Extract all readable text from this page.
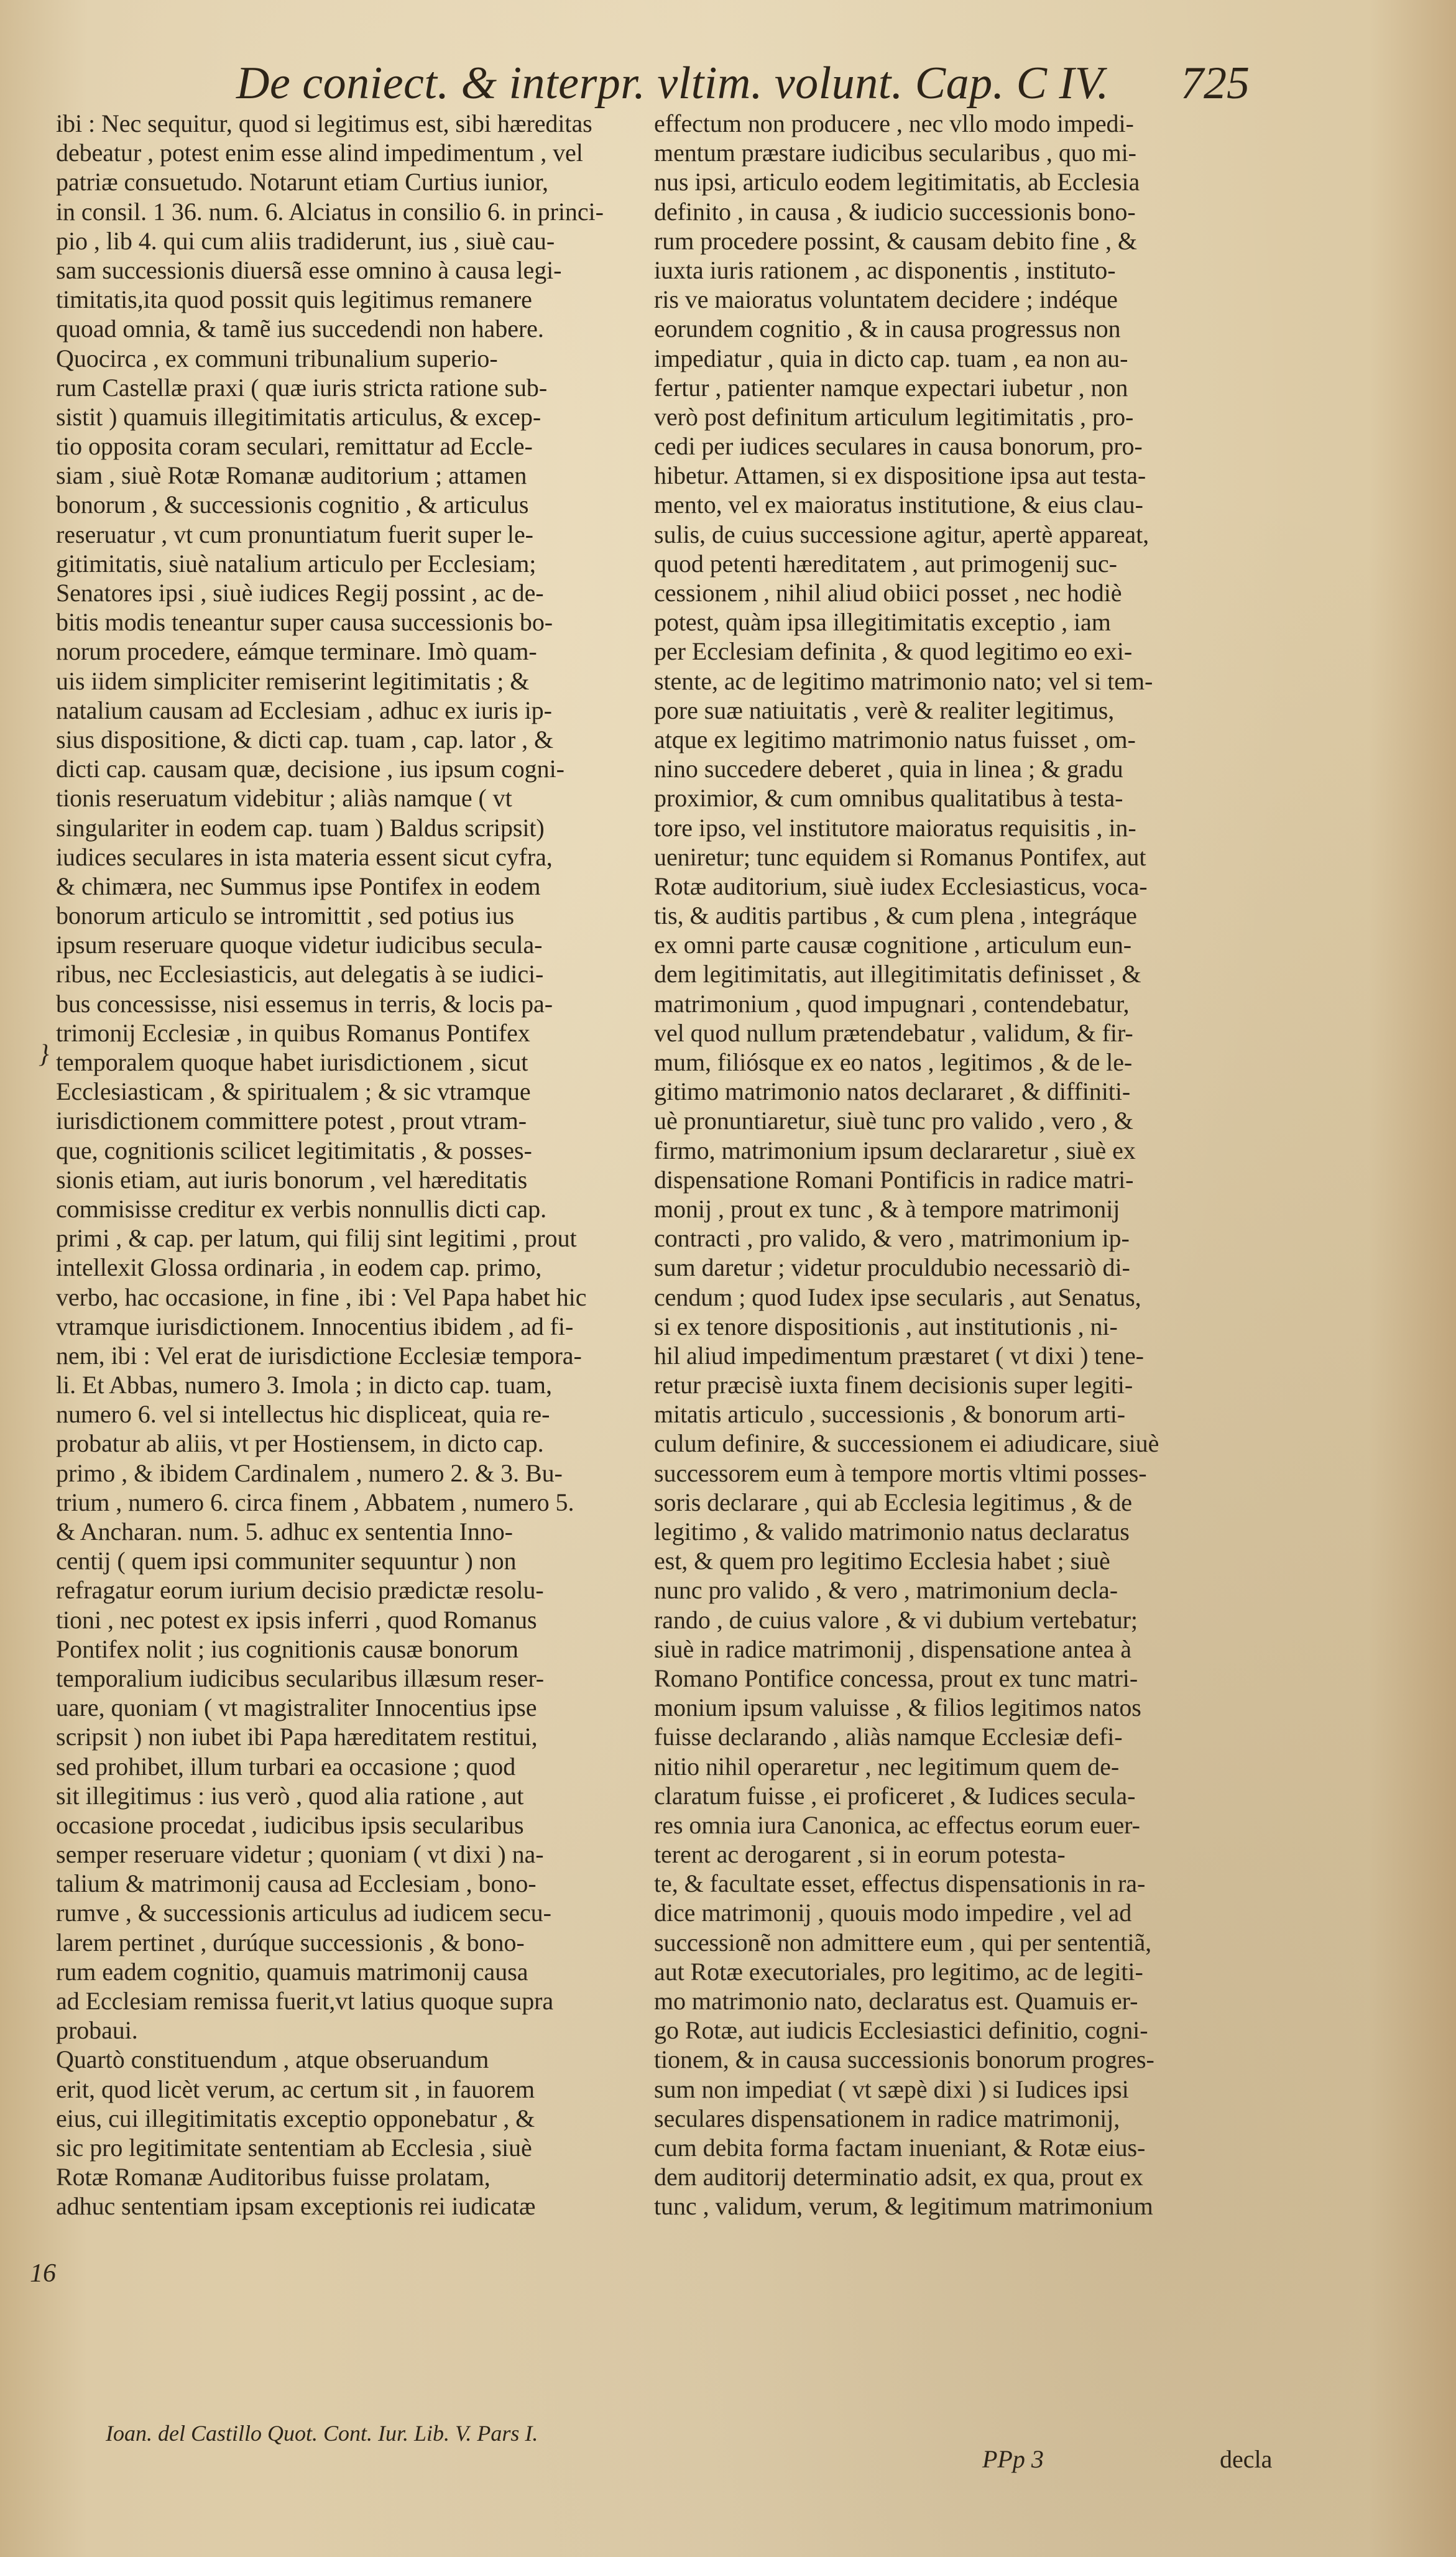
De coniect. & interpr. vltim. volunt. Cap. C IV. 725
ibi : Nec sequitur, quod si legitimus est, sibi hæreditas
debeatur , potest enim esse alind impedimentum , vel
patriæ consuetudo. Notarunt etiam Curtius iunior,
in consil. 1 36. num. 6. Alciatus in consilio 6. in princi-
pio , lib 4. qui cum aliis tradiderunt, ius , siuè cau-
sam successionis diuersã esse omnino à causa legi-
timitatis,ita quod possit quis legitimus remanere
quoad omnia, & tamẽ ius succedendi non habere.
Quocirca , ex communi tribunalium superio-
rum Castellæ praxi ( quæ iuris stricta ratione sub-
sistit ) quamuis illegitimitatis articulus, & excep-
tio opposita coram seculari, remittatur ad Eccle-
siam , siuè Rotæ Romanæ auditorium ; attamen
bonorum , & successionis cognitio , & articulus
reseruatur , vt cum pronuntiatum fuerit super le-
gitimitatis, siuè natalium articulo per Ecclesiam;
Senatores ipsi , siuè iudices Regij possint , ac de-
bitis modis teneantur super causa successionis bo-
norum procedere, eámque terminare. Imò quam-
uis iidem simpliciter remiserint legitimitatis ; &
natalium causam ad Ecclesiam , adhuc ex iuris ip-
sius dispositione, & dicti cap. tuam , cap. lator , &
dicti cap. causam quæ, decisione , ius ipsum cogni-
tionis reseruatum videbitur ; aliàs namque ( vt
singulariter in eodem cap. tuam ) Baldus scripsit)
iudices seculares in ista materia essent sicut cyfra,
& chimæra, nec Summus ipse Pontifex in eodem
bonorum articulo se intromittit , sed potius ius
ipsum reseruare quoque videtur iudicibus secula-
ribus, nec Ecclesiasticis, aut delegatis à se iudici-
bus concessisse, nisi essemus in terris, & locis pa-
trimonij Ecclesiæ , in quibus Romanus Pontifex
temporalem quoque habet iurisdictionem , sicut
Ecclesiasticam , & spiritualem ; & sic vtramque
iurisdictionem committere potest , prout vtram-
que, cognitionis scilicet legitimitatis , & posses-
sionis etiam, aut iuris bonorum , vel hæreditatis
commisisse creditur ex verbis nonnullis dicti cap.
primi , & cap. per latum, qui filij sint legitimi , prout
intellexit Glossa ordinaria , in eodem cap. primo,
verbo, hac occasione, in fine , ibi : Vel Papa habet hic
vtramque iurisdictionem. Innocentius ibidem , ad fi-
nem, ibi : Vel erat de iurisdictione Ecclesiæ tempora-
li. Et Abbas, numero 3. Imola ; in dicto cap. tuam,
numero 6. vel si intellectus hic displiceat, quia re-
probatur ab aliis, vt per Hostiensem, in dicto cap.
primo , & ibidem Cardinalem , numero 2. & 3. Bu-
trium , numero 6. circa finem , Abbatem , numero 5.
& Ancharan. num. 5. adhuc ex sententia Inno-
centij ( quem ipsi communiter sequuntur ) non
refragatur eorum iurium decisio prædictæ resolu-
tioni , nec potest ex ipsis inferri , quod Romanus
Pontifex nolit ; ius cognitionis causæ bonorum
temporalium iudicibus secularibus illæsum reser-
uare, quoniam ( vt magistraliter Innocentius ipse
scripsit ) non iubet ibi Papa hæreditatem restitui,
sed prohibet, illum turbari ea occasione ; quod
sit illegitimus : ius verò , quod alia ratione , aut
occasione procedat , iudicibus ipsis secularibus
semper reseruare videtur ; quoniam ( vt dixi ) na-
talium & matrimonij causa ad Ecclesiam , bono-
rumve , & successionis articulus ad iudicem secu-
larem pertinet , durúque successionis , & bono-
rum eadem cognitio, quamuis matrimonij causa
ad Ecclesiam remissa fuerit,vt latius quoque supra
probaui.
Quartò constituendum , atque obseruandum
erit, quod licèt verum, ac certum sit , in fauorem
eius, cui illegitimitatis exceptio opponebatur , &
sic pro legitimitate sententiam ab Ecclesia , siuè
Rotæ Romanæ Auditoribus fuisse prolatam,
adhuc sententiam ipsam exceptionis rei iudicatæ
effectum non producere , nec vllo modo impedi-
mentum præstare iudicibus secularibus , quo mi-
nus ipsi, articulo eodem legitimitatis, ab Ecclesia
definito , in causa , & iudicio successionis bono-
rum procedere possint, & causam debito fine , &
iuxta iuris rationem , ac disponentis , instituto-
ris ve maioratus voluntatem decidere ; indéque
eorundem cognitio , & in causa progressus non
impediatur , quia in dicto cap. tuam , ea non au-
fertur , patienter namque expectari iubetur , non
verò post definitum articulum legitimitatis , pro-
cedi per iudices seculares in causa bonorum, pro-
hibetur. Attamen, si ex dispositione ipsa aut testa-
mento, vel ex maioratus institutione, & eius clau-
sulis, de cuius successione agitur, apertè appareat,
quod petenti hæreditatem , aut primogenij suc-
cessionem , nihil aliud obiici posset , nec hodiè
potest, quàm ipsa illegitimitatis exceptio , iam
per Ecclesiam definita , & quod legitimo eo exi-
stente, ac de legitimo matrimonio nato; vel si tem-
pore suæ natiuitatis , verè & realiter legitimus,
atque ex legitimo matrimonio natus fuisset , om-
nino succedere deberet , quia in linea ; & gradu
proximior, & cum omnibus qualitatibus à testa-
tore ipso, vel institutore maioratus requisitis , in-
ueniretur; tunc equidem si Romanus Pontifex, aut
Rotæ auditorium, siuè iudex Ecclesiasticus, voca-
tis, & auditis partibus , & cum plena , integráque
ex omni parte causæ cognitione , articulum eun-
dem legitimitatis, aut illegitimitatis definisset , &
matrimonium , quod impugnari , contendebatur,
vel quod nullum prætendebatur , validum, & fir-
mum, filiósque ex eo natos , legitimos , & de le-
gitimo matrimonio natos declararet , & diffiniti-
uè pronuntiaretur, siuè tunc pro valido , vero , &
firmo, matrimonium ipsum declararetur , siuè ex
dispensatione Romani Pontificis in radice matri-
monij , prout ex tunc , & à tempore matrimonij
contracti , pro valido, & vero , matrimonium ip-
sum daretur ; videtur proculdubio necessariò di-
cendum ; quod Iudex ipse secularis , aut Senatus,
si ex tenore dispositionis , aut institutionis , ni-
hil aliud impedimentum præstaret ( vt dixi ) tene-
retur præcisè iuxta finem decisionis super legiti-
mitatis articulo , successionis , & bonorum arti-
culum definire, & successionem ei adiudicare, siuè
successorem eum à tempore mortis vltimi posses-
soris declarare , qui ab Ecclesia legitimus , & de
legitimo , & valido matrimonio natus declaratus
est, & quem pro legitimo Ecclesia habet ; siuè
nunc pro valido , & vero , matrimonium decla-
rando , de cuius valore , & vi dubium vertebatur;
siuè in radice matrimonij , dispensatione antea à
Romano Pontifice concessa, prout ex tunc matri-
monium ipsum valuisse , & filios legitimos natos
fuisse declarando , aliàs namque Ecclesiæ defi-
nitio nihil operaretur , nec legitimum quem de-
claratum fuisse , ei proficeret , & Iudices secula-
res omnia iura Canonica, ac effectus eorum euer-
terent ac derogarent , si in eorum potesta-
te, & facultate esset, effectus dispensationis in ra-
dice matrimonij , quouis modo impedire , vel ad
successionẽ non admittere eum , qui per sententiã,
aut Rotæ executoriales, pro legitimo, ac de legiti-
mo matrimonio nato, declaratus est. Quamuis er-
go Rotæ, aut iudicis Ecclesiastici definitio, cogni-
tionem, & in causa successionis bonorum progres-
sum non impediat ( vt sæpè dixi ) si Iudices ipsi
seculares dispensationem in radice matrimonij,
cum debita forma factam inueniant, & Rotæ eius-
dem auditorij determinatio adsit, ex qua, prout ex
tunc , validum, verum, & legitimum matrimonium
}
16
Ioan. del Castillo Quot. Cont. Iur. Lib. V. Pars I.
PPp 3	decla
